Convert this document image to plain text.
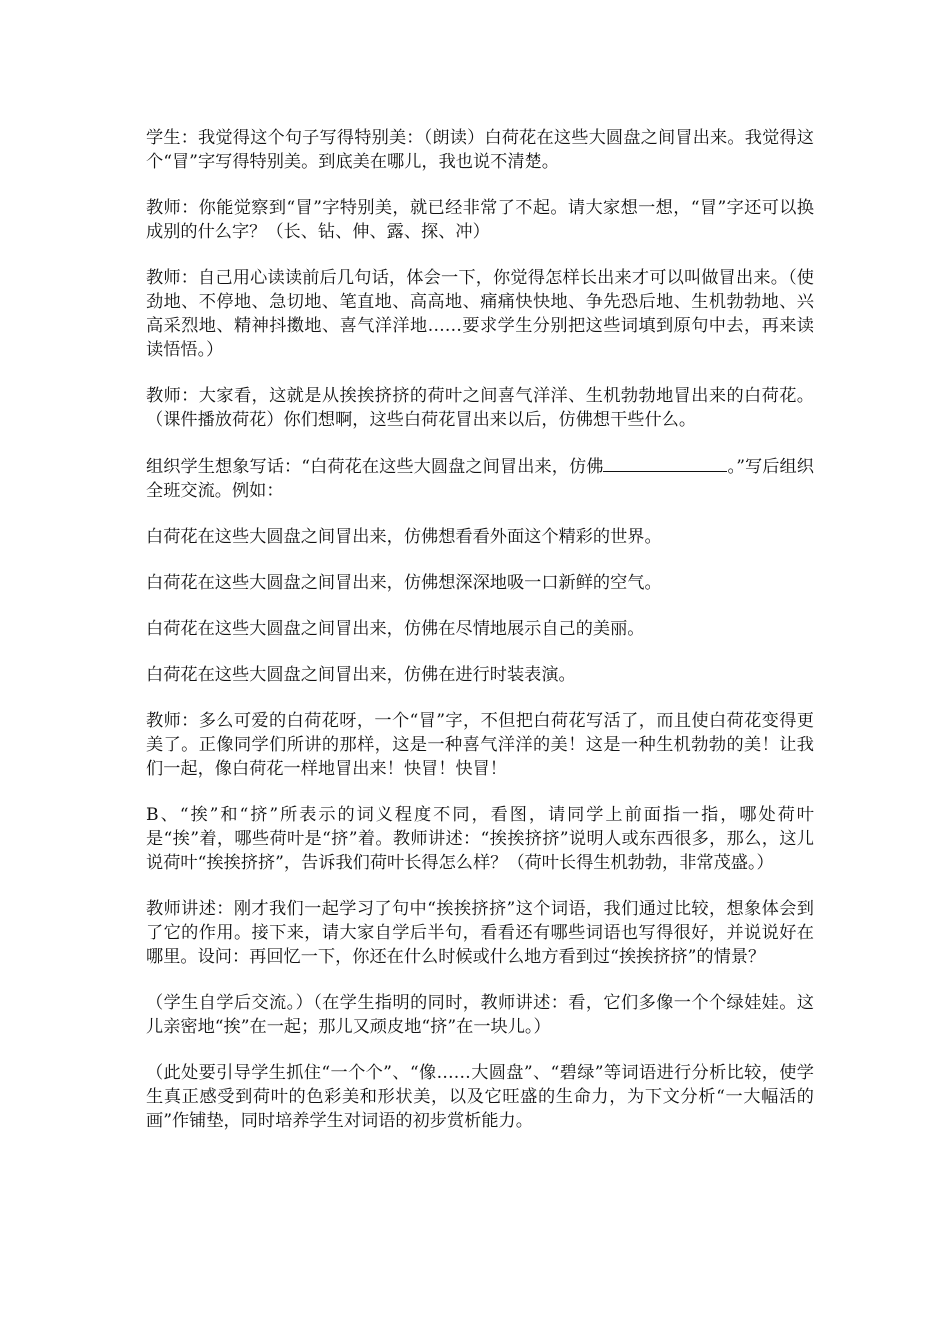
学生：我觉得这个句子写得特别美：（朗读）白荷花在这些大圆盘之间冒出来。我觉得这个“冒”字写得特别美。到底美在哪儿，我也说不清楚。

教师：你能觉察到“冒”字特别美，就已经非常了不起。请大家想一想，“冒”字还可以换成别的什么字？（长、钻、伸、露、探、冲）

教师：自己用心读读前后几句话，体会一下，你觉得怎样长出来才可以叫做冒出来。（使劲地、不停地、急切地、笔直地、高高地、痛痛快快地、争先恐后地、生机勃勃地、兴高采烈地、精神抖擞地、喜气洋洋地……要求学生分别把这些词填到原句中去，再来读读悟悟。）

教师：大家看，这就是从挨挨挤挤的荷叶之间喜气洋洋、生机勃勃地冒出来的白荷花。（课件播放荷花）你们想啊，这些白荷花冒出来以后，仿佛想干些什么。

组织学生想象写话：“白荷花在这些大圆盘之间冒出来，仿佛	。”写后组织全班交流。例如：

白荷花在这些大圆盘之间冒出来，仿佛想看看外面这个精彩的世界。

白荷花在这些大圆盘之间冒出来，仿佛想深深地吸一口新鲜的空气。

白荷花在这些大圆盘之间冒出来，仿佛在尽情地展示自己的美丽。

白荷花在这些大圆盘之间冒出来，仿佛在进行时装表演。

教师：多么可爱的白荷花呀，一个“冒”字，不但把白荷花写活了，而且使白荷花变得更美了。正像同学们所讲的那样，这是一种喜气洋洋的美！这是一种生机勃勃的美！让我们一起，像白荷花一样地冒出来！快冒！快冒！

B、“挨”和“挤”所表示的词义程度不同，看图，请同学上前面指一指，哪处荷叶是“挨”着，哪些荷叶是“挤”着。教师讲述：“挨挨挤挤”说明人或东西很多，那么，这儿说荷叶“挨挨挤挤”，告诉我们荷叶长得怎么样？（荷叶长得生机勃勃，非常茂盛。）

教师讲述：刚才我们一起学习了句中“挨挨挤挤”这个词语，我们通过比较，想象体会到了它的作用。接下来，请大家自学后半句，看看还有哪些词语也写得很好，并说说好在哪里。设问：再回忆一下，你还在什么时候或什么地方看到过“挨挨挤挤”的情景？

（学生自学后交流。）（在学生指明的同时，教师讲述：看，它们多像一个个绿娃娃。这儿亲密地“挨”在一起；那儿又顽皮地“挤”在一块儿。）

（此处要引导学生抓住“一个个”、“像……大圆盘”、“碧绿”等词语进行分析比较，使学生真正感受到荷叶的色彩美和形状美，以及它旺盛的生命力，为下文分析“一大幅活的画”作铺垫，同时培养学生对词语的初步赏析能力。
